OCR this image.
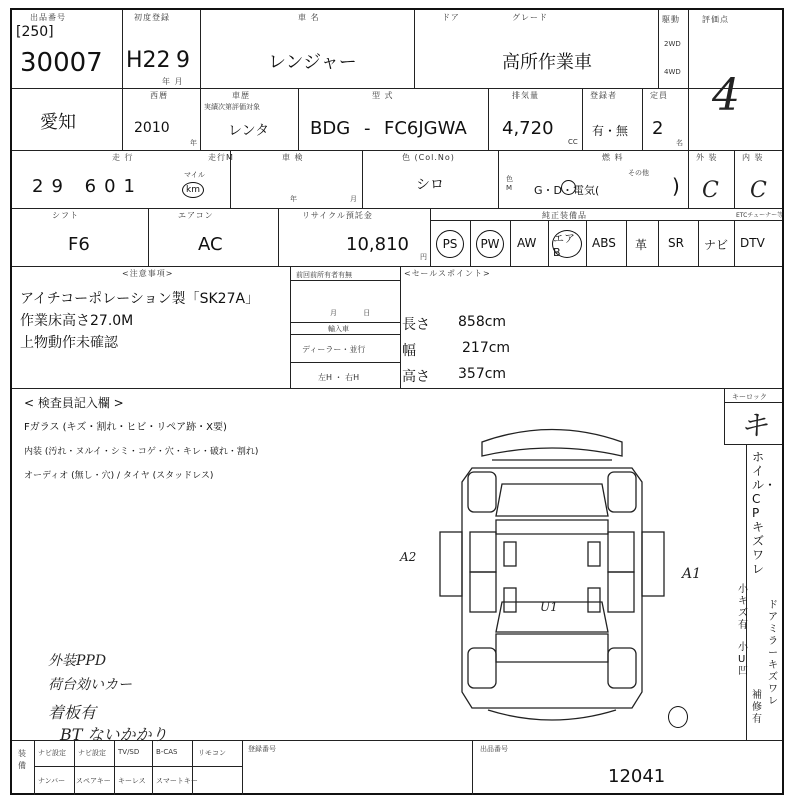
出品番号
[250]
30007
初度登録
H22 9
年 月
車 名
レンジャー
ドア	グレード
高所作業車
駆動
2WD
4WD
評価点
4
愛知
西暦
2010
年
車歴
実績次第評価対象
レンタ
型 式
BDG - FC6JGWA
排気量
4,720
CC
登録者
有・無
定員
2
名
走 行
29 601
マイル
km
走行M	車 検
年	月
色 (Col.No)
シロ	色 M
燃 料
G・D・電気(
その他
)
外 装
C
内 装
C
シフト
F6
エアコン
AC
リサイクル預託金
10,810
円
純正装備品	ETCチューナー等
PS	PW	AW エアB
ABS 革 SR ナビ DTV
<注意事項>
アイチコーポレーション製「SK27A」
作業床高さ27.0M
上物動作未確認
前回前所有者有無
月 日
輸入車
ディーラー・並行
左H ・ 右H
<セールスポイント>
長さ 858cm
幅	217cm
高さ 357cm
< 検査員記入欄 >
Fガラス (キズ・割れ・ヒビ・リペア跡・X要)
内装 (汚れ・ヌルイ・シミ・コゲ・穴・キレ・破れ・割れ)
オーディオ (無し・穴) / タイヤ (スタッドレス)
キーロック
キ
ホイル・CPキズ ワレ
ドアミラーキズ ワレ
小キズ有
小U凹
補修有
A2
A1
U1
外装PPD
荷台効いカー
着板有
BT ないかかり
装備
ナビ設定 ナビ設定 TV/SD B-CAS	リモコン
ナンバー スペアキー キーレス スマートキー
登録番号	出品番号
12041
